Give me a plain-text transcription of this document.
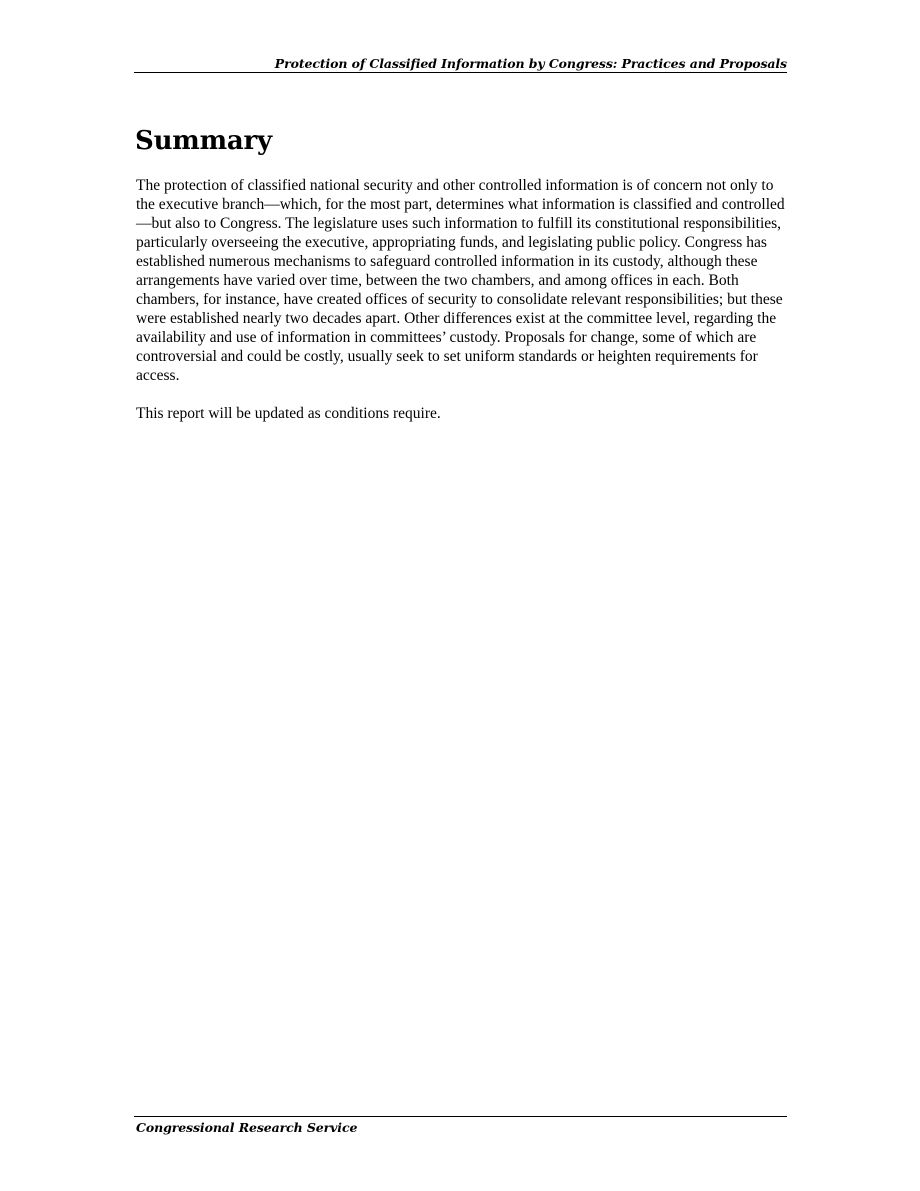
Protection of Classified Information by Congress: Practices and Proposals
Summary

The protection of classified national security and other controlled information is of concern not only to the executive branch—which, for the most part, determines what information is classified and controlled—but also to Congress. The legislature uses such information to fulfill its constitutional responsibilities, particularly overseeing the executive, appropriating funds, and legislating public policy. Congress has established numerous mechanisms to safeguard controlled information in its custody, although these arrangements have varied over time, between the two chambers, and among offices in each. Both chambers, for instance, have created offices of security to consolidate relevant responsibilities; but these were established nearly two decades apart. Other differences exist at the committee level, regarding the availability and use of information in committees’ custody. Proposals for change, some of which are controversial and could be costly, usually seek to set uniform standards or heighten requirements for access.

This report will be updated as conditions require.

Congressional Research Service
